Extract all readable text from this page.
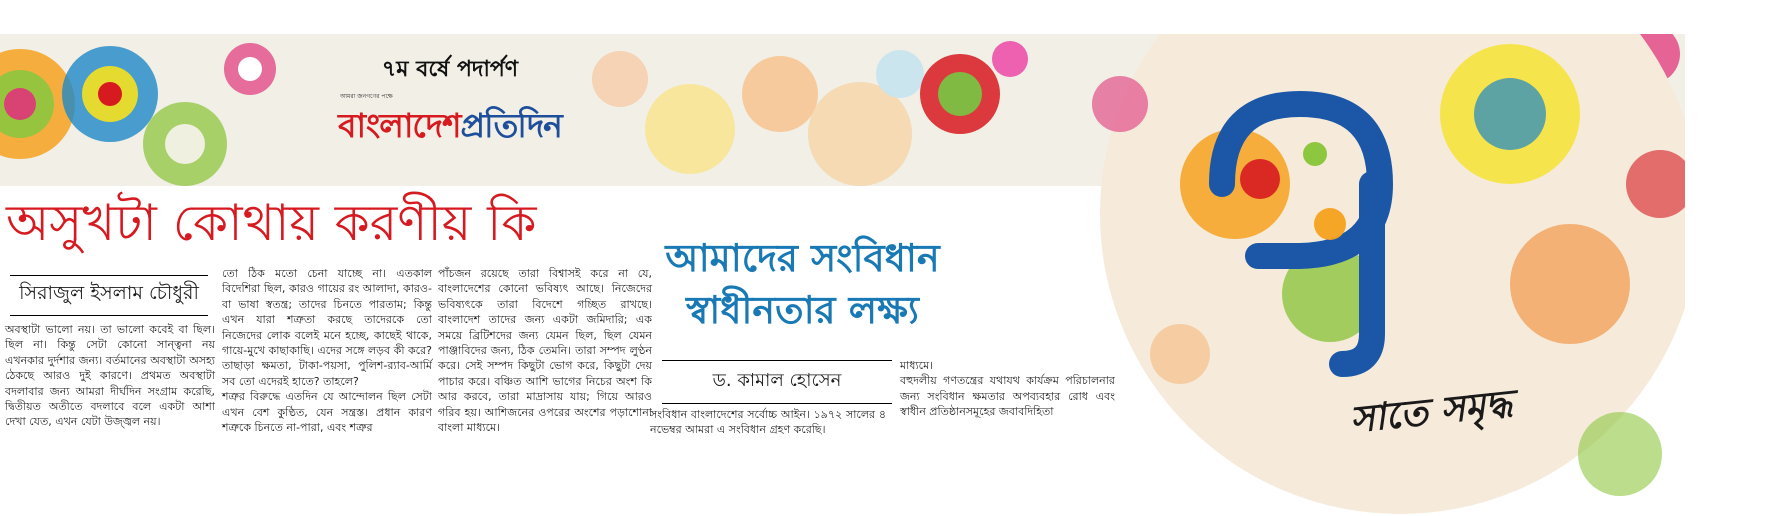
৭ম বর্ষে পদার্পণ
আমরা জনগণের পক্ষে
বাংলাদেশপ্রতিদিন
সাতে সমৃদ্ধ
অসুখটা কোথায় করণীয় কি
সিরাজুল ইসলাম চৌধুরী

অবস্থাটা ভালো নয়। তা ভালো কবেই বা ছিল। ছিল না। কিন্তু সেটা কোনো সান্ত্বনা নয় এখনকার দুর্দশার জন্য। বর্তমানের অবস্থাটা অসহ্য ঠেকছে আরও দুই কারণে। প্রথমত অবস্থাটা বদলাবার জন্য আমরা দীর্ঘদিন সংগ্রাম করেছি, দ্বিতীয়ত অতীতে বদলাবে বলে একটা আশা দেখা যেত, এখন যেটা উজ্জ্বল নয়।

তো ঠিক মতো চেনা যাচ্ছে না। এতকাল বিদেশিরা ছিল, কারও গায়ের রং আলাদা, কারও-বা ভাষা স্বতন্ত্র; তাদের চিনতে পারতাম; কিন্তু এখন যারা শত্রুতা করছে তাদেরকে তো নিজেদের লোক বলেই মনে হচ্ছে, কাছেই থাকে, গায়ে-মুখে কাছাকাছি। এদের সঙ্গে লড়ব কী করে? তাছাড়া ক্ষমতা, টাকা-পয়সা, পুলিশ-র‌্যাব-আর্মি সব তো এদেরই হাতে? তাহলে?

শত্রুর বিরুদ্ধে এতদিন যে আন্দোলন ছিল সেটা এখন বেশ কুণ্ঠিত, যেন সন্ত্রস্ত। প্রধান কারণ শত্রুকে চিনতে না-পারা, এবং শত্রুর

পাঁচজন রয়েছে তারা বিশ্বাসই করে না যে, বাংলাদেশের কোনো ভবিষ্যৎ আছে। নিজেদের ভবিষ্যৎকে তারা বিদেশে গচ্ছিত রাখছে। বাংলাদেশ তাদের জন্য একটা জমিদারি; এক সময়ে ব্রিটিশদের জন্য যেমন ছিল, ছিল যেমন পাঞ্জাবিদের জন্য, ঠিক তেমনি। তারা সম্পদ লুণ্ঠন করে। সেই সম্পদ কিছুটা ভোগ করে, কিছুটা দেয় পাচার করে। বঞ্চিত আশি ভাগের নিচের অংশ কি আর করবে, তারা মাদ্রাসায় যায়; গিয়ে আরও গরিব হয়। আশিজনের ওপরের অংশের পড়াশোনা বাংলা মাধ্যমে।

আমাদের সংবিধান
স্বাধীনতার লক্ষ্য
ড. কামাল হোসেন

সংবিধান বাংলাদেশের সর্বোচ্চ আইন। ১৯৭২ সালের ৪ নভেম্বর আমরা এ সংবিধান গ্রহণ করেছি।

মাধ্যমে।

বহুদলীয় গণতন্ত্রের যথাযথ কার্যক্রম পরিচালনার জন্য সংবিধান ক্ষমতার অপব্যবহার রোধ এবং স্বাধীন প্রতিষ্ঠানসমূহের জবাবদিহিতা
